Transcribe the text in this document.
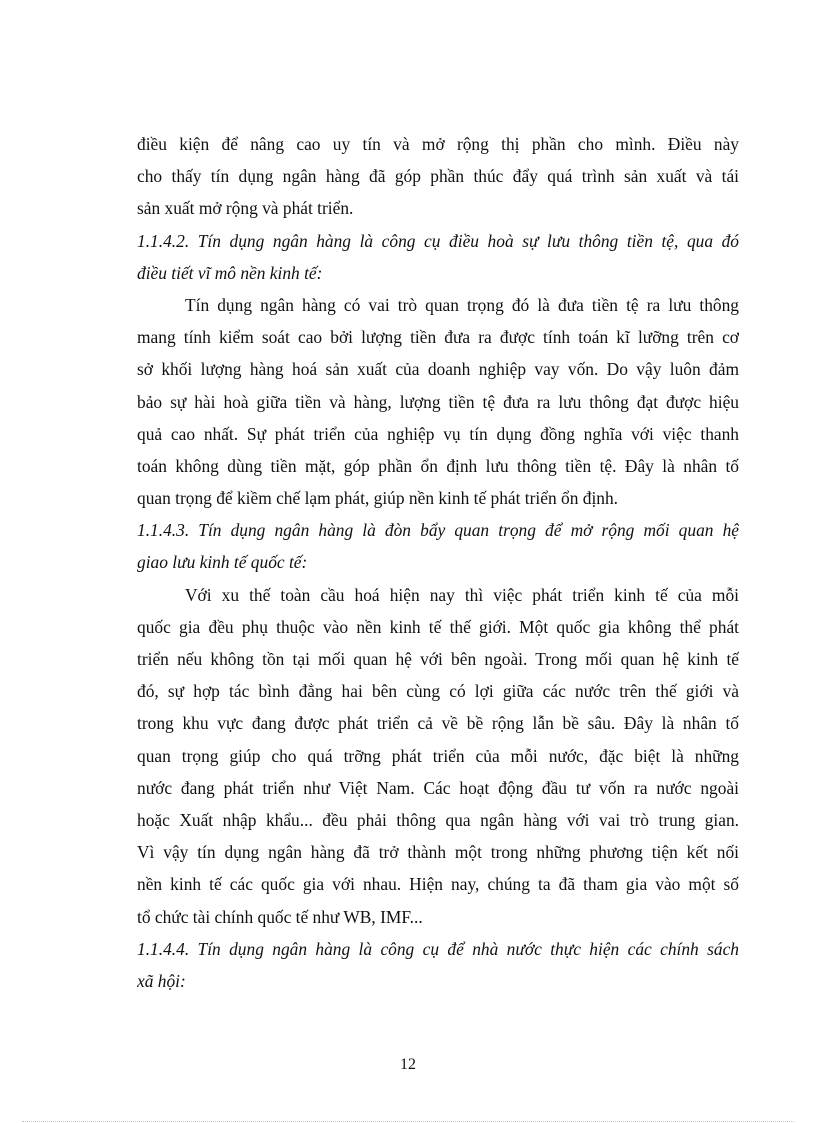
điều kiện để nâng cao uy tín và mở rộng thị phần cho mình. Điều này
cho thấy tín dụng ngân hàng đã góp phần thúc đẩy quá trình sản xuất và tái
sản xuất mở rộng và phát triển.
1.1.4.2. Tín dụng ngân hàng là công cụ điều hoà sự lưu thông tiền tệ, qua đó
điều tiết vĩ mô nền kinh tế:
Tín dụng ngân hàng có vai trò quan trọng đó là đưa tiền tệ ra lưu thông
mang tính kiểm soát cao bởi lượng tiền đưa ra được tính toán kĩ lưỡng trên cơ
sở khối lượng hàng hoá sản xuất của doanh nghiệp vay vốn. Do vậy luôn đảm
bảo sự hài hoà giữa tiền và hàng, lượng tiền tệ đưa ra lưu thông đạt được hiệu
quả cao nhất. Sự phát triển của nghiệp vụ tín dụng đồng nghĩa với việc thanh
toán không dùng tiền mặt, góp phần ổn định lưu thông tiền tệ. Đây là nhân tố
quan trọng để kiềm chế lạm phát, giúp nền kinh tế phát triển ổn định.
1.1.4.3. Tín dụng ngân hàng là đòn bẩy quan trọng để mở rộng mối quan hệ
giao lưu kinh tế quốc tế:
Với xu thế toàn cầu hoá hiện nay thì việc phát triển kinh tế của mỗi
quốc gia đều phụ thuộc vào nền kinh tế thế giới. Một quốc gia không thể phát
triển nếu không tồn tại mối quan hệ với bên ngoài. Trong mối quan hệ kinh tế
đó, sự hợp tác bình đẳng hai bên cùng có lợi giữa các nước trên thế giới và
trong khu vực đang được phát triển cả về bề rộng lẫn bề sâu. Đây là nhân tố
quan trọng giúp cho quá trỡng phát triển của mỗi nước, đặc biệt là những
nước đang phát triển như Việt Nam. Các hoạt động đầu tư vốn ra nước ngoài
hoặc Xuất nhập khẩu... đều phải thông qua ngân hàng với vai trò trung gian.
Vì vậy tín dụng ngân hàng đã trở thành một trong những phương tiện kết nối
nền kinh tế các quốc gia với nhau. Hiện nay, chúng ta đã tham gia vào một số
tổ chức tài chính quốc tế như WB, IMF...
1.1.4.4. Tín dụng ngân hàng là công cụ để nhà nước thực hiện các chính sách
xã hội:
12
